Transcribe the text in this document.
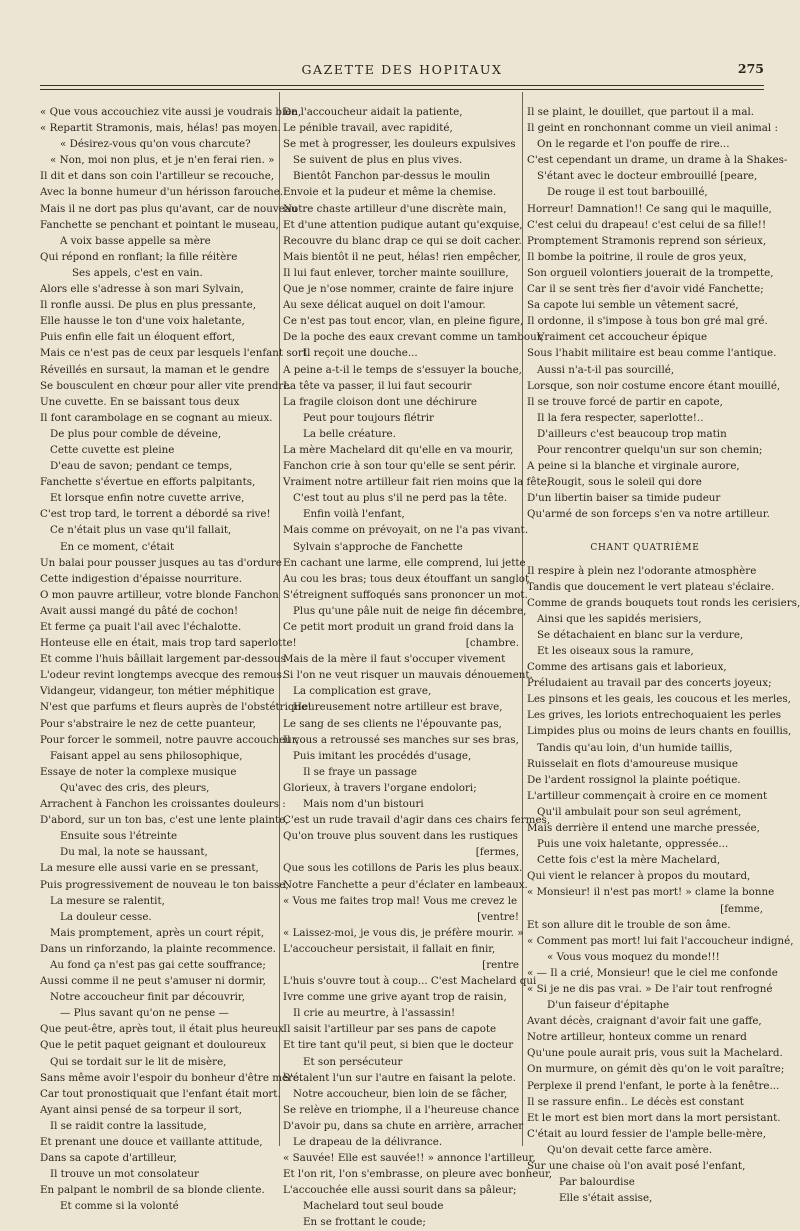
GAZETTE DES HOPITAUX	275
« Que vous accouchiez vite aussi je voudrais bien,
« Repartit Stramonis, mais, hélas! pas moyen.
« Désirez-vous qu'on vous charcute?
« Non, moi non plus, et je n'en ferai rien. »
Il dit et dans son coin l'artilleur se recouche,
Avec la bonne humeur d'un hérisson farouche.
Mais il ne dort pas plus qu'avant, car de nouveau
Fanchette se penchant et pointant le museau,
A voix basse appelle sa mère
Qui répond en ronflant; la fille réitère
Ses appels, c'est en vain.
Alors elle s'adresse à son mari Sylvain,
Il ronfle aussi. De plus en plus pressante,
Elle hausse le ton d'une voix haletante,
Puis enfin elle fait un éloquent effort,
Mais ce n'est pas de ceux par lesquels l'enfant sort.
Réveillés en sursaut, la maman et le gendre
Se bousculent en chœur pour aller vite prendre
Une cuvette. En se baissant tous deux
Il font carambolage en se cognant au mieux.
De plus pour comble de déveine,
Cette cuvette est pleine
D'eau de savon; pendant ce temps,
Fanchette s'évertue en efforts palpitants,
Et lorsque enfin notre cuvette arrive,
C'est trop tard, le torrent a débordé sa rive!
Ce n'était plus un vase qu'il fallait,
En ce moment, c'était
Un balai pour pousser jusques au tas d'ordure
Cette indigestion d'épaisse nourriture.
O mon pauvre artilleur, votre blonde Fanchon
Avait aussi mangé du pâté de cochon!
Et ferme ça puait l'ail avec l'échalotte.
Honteuse elle en était, mais trop tard saperlotte!
Et comme l'huis bâillait largement par-dessous
L'odeur revint longtemps avecque des remous.
Vidangeur, vidangeur, ton métier méphitique
N'est que parfums et fleurs auprès de l'obstétrique!
Pour s'abstraire le nez de cette puanteur,
Pour forcer le sommeil, notre pauvre accoucheur,
Faisant appel au sens philosophique,
Essaye de noter la complexe musique
Qu'avec des cris, des pleurs,
Arrachent à Fanchon les croissantes douleurs :
D'abord, sur un ton bas, c'est une lente plainte,
Ensuite sous l'étreinte
Du mal, la note se haussant,
La mesure elle aussi varie en se pressant,
Puis progressivement de nouveau le ton baisse,
La mesure se ralentit,
La douleur cesse.
Mais promptement, après un court répit,
Dans un rinforzando, la plainte recommence.
Au fond ça n'est pas gai cette souffrance;
Aussi comme il ne peut s'amuser ni dormir,
Notre accoucheur finit par découvrir,
— Plus savant qu'on ne pense —
Que peut-être, après tout, il était plus heureux
Que le petit paquet geignant et douloureux
Qui se tordait sur le lit de misère,
Sans même avoir l'espoir du bonheur d'être mère.
Car tout pronostiquait que l'enfant était mort.
Ayant ainsi pensé de sa torpeur il sort,
Il se raidit contre la lassitude,
Et prenant une douce et vaillante attitude,
Dans sa capote d'artilleur,
Il trouve un mot consolateur
En palpant le nombril de sa blonde cliente.
Et comme si la volonté
De l'accoucheur aidait la patiente,
Le pénible travail, avec rapidité,
Se met à progresser, les douleurs expulsives
Se suivent de plus en plus vives.
Bientôt Fanchon par-dessus le moulin
Envoie et la pudeur et même la chemise.
Notre chaste artilleur d'une discrète main,
Et d'une attention pudique autant qu'exquise,
Recouvre du blanc drap ce qui se doit cacher.
Mais bientôt il ne peut, hélas! rien empêcher,
Il lui faut enlever, torcher mainte souillure,
Que je n'ose nommer, crainte de faire injure
Au sexe délicat auquel on doit l'amour.
Ce n'est pas tout encor, vlan, en pleine figure,
De la poche des eaux crevant comme un tambour,
Il reçoit une douche...
A peine a-t-il le temps de s'essuyer la bouche,
La tête va passer, il lui faut secourir
La fragile cloison dont une déchirure
Peut pour toujours flétrir
La belle créature.
La mère Machelard dit qu'elle en va mourir,
Fanchon crie à son tour qu'elle se sent périr.
Vraiment notre artilleur fait rien moins que la fête,
C'est tout au plus s'il ne perd pas la tête.
Enfin voilà l'enfant,
Mais comme on prévoyait, on ne l'a pas vivant.
Sylvain s'approche de Fanchette
En cachant une larme, elle comprend, lui jette
Au cou les bras; tous deux étouffant un sanglot
S'étreignent suffoqués sans prononcer un mot.
Plus qu'une pâle nuit de neige fin décembre,
Ce petit mort produit un grand froid dans la
[chambre.
Mais de la mère il faut s'occuper vivement
Si l'on ne veut risquer un mauvais dénouement.
La complication est grave,
Heureusement notre artilleur est brave,
Le sang de ses clients ne l'épouvante pas,
Il vous a retroussé ses manches sur ses bras,
Puis imitant les procédés d'usage,
Il se fraye un passage
Glorieux, à travers l'organe endolori;
Mais nom d'un bistouri
C'est un rude travail d'agir dans ces chairs fermes,
Qu'on trouve plus souvent dans les rustiques
[fermes,
Que sous les cotillons de Paris les plus beaux.
Notre Fanchette a peur d'éclater en lambeaux.
« Vous me faites trop mal! Vous me crevez le
[ventre!
« Laissez-moi, je vous dis, je préfère mourir. »
L'accoucheur persistait, il fallait en finir,
[rentre
L'huis s'ouvre tout à coup... C'est Machelard qui
Ivre comme une grive ayant trop de raisin,
Il crie au meurtre, à l'assassin!
Il saisit l'artilleur par ses pans de capote
Et tire tant qu'il peut, si bien que le docteur
Et son persécuteur
S'étalent l'un sur l'autre en faisant la pelote.
Notre accoucheur, bien loin de se fâcher,
Se relève en triomphe, il a l'heureuse chance
D'avoir pu, dans sa chute en arrière, arracher
Le drapeau de la délivrance.
« Sauvée! Elle est sauvée!! » annonce l'artilleur,
Et l'on rit, l'on s'embrasse, on pleure avec bonheur,
L'accouchée elle aussi sourit dans sa pâleur;
Machelard tout seul boude
En se frottant le coude;
Il se plaint, le douillet, que partout il a mal.
Il geint en ronchonnant comme un vieil animal :
On le regarde et l'on pouffe de rire...
C'est cependant un drame, un drame à la Shakes-
S'étant avec le docteur embrouillé [peare,
De rouge il est tout barbouillé,
Horreur! Damnation!! Ce sang qui le maquille,
C'est celui du drapeau! c'est celui de sa fille!!
Promptement Stramonis reprend son sérieux,
Il bombe la poitrine, il roule de gros yeux,
Son orgueil volontiers jouerait de la trompette,
Car il se sent très fier d'avoir vidé Fanchette;
Sa capote lui semble un vêtement sacré,
Il ordonne, il s'impose à tous bon gré mal gré.
Vraiment cet accoucheur épique
Sous l'habit militaire est beau comme l'antique.
Aussi n'a-t-il pas sourcillé,
Lorsque, son noir costume encore étant mouillé,
Il se trouve forcé de partir en capote,
Il la fera respecter, saperlotte!..
D'ailleurs c'est beaucoup trop matin
Pour rencontrer quelqu'un sur son chemin;
A peine si la blanche et virginale aurore,
Rougit, sous le soleil qui dore
D'un libertin baiser sa timide pudeur
Qu'armé de son forceps s'en va notre artilleur.
CHANT QUATRIÈME
Il respire à plein nez l'odorante atmosphère
Tandis que doucement le vert plateau s'éclaire.
Comme de grands bouquets tout ronds les cerisiers,
Ainsi que les sapidés merisiers,
Se détachaient en blanc sur la verdure,
Et les oiseaux sous la ramure,
Comme des artisans gais et laborieux,
Préludaient au travail par des concerts joyeux;
Les pinsons et les geais, les coucous et les merles,
Les grives, les loriots entrechoquaient les perles
Limpides plus ou moins de leurs chants en fouillis,
Tandis qu'au loin, d'un humide taillis,
Ruisselait en flots d'amoureuse musique
De l'ardent rossignol la plainte poétique.
L'artilleur commençait à croire en ce moment
Qu'il ambulait pour son seul agrément,
Mais derrière il entend une marche pressée,
Puis une voix haletante, oppressée...
Cette fois c'est la mère Machelard,
Qui vient le relancer à propos du moutard,
« Monsieur! il n'est pas mort! » clame la bonne
[femme,
Et son allure dit le trouble de son âme.
« Comment pas mort! lui fait l'accoucheur indigné,
« Vous vous moquez du monde!!!
« — Il a crié, Monsieur! que le ciel me confonde
« Si je ne dis pas vrai. » De l'air tout renfrogné
D'un faiseur d'épitaphe
Avant décès, craignant d'avoir fait une gaffe,
Notre artilleur, honteux comme un renard
Qu'une poule aurait pris, vous suit la Machelard.
On murmure, on gémit dès qu'on le voit paraître;
Perplexe il prend l'enfant, le porte à la fenêtre...
Il se rassure enfin.. Le décès est constant
Et le mort est bien mort dans la mort persistant.
C'était au lourd fessier de l'ample belle-mère,
Qu'on devait cette farce amère.
Sur une chaise où l'on avait posé l'enfant,
Par balourdise
Elle s'était assise,
